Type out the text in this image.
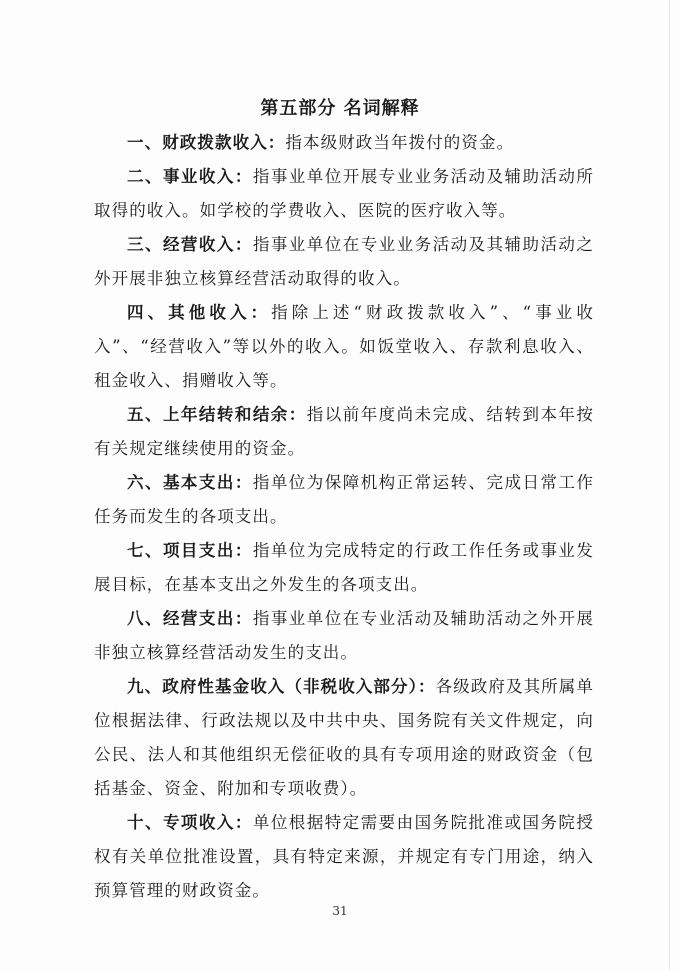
第五部分 名词解释

一、财政拨款收入：指本级财政当年拨付的资金。

二、事业收入：指事业单位开展专业业务活动及辅助活动所取得的收入。如学校的学费收入、医院的医疗收入等。

三、经营收入：指事业单位在专业业务活动及其辅助活动之外开展非独立核算经营活动取得的收入。

四、其他收入：指除上述“财政拨款收入”、“事业收入”、“经营收入”等以外的收入。如饭堂收入、存款利息收入、租金收入、捐赠收入等。

五、上年结转和结余：指以前年度尚未完成、结转到本年按有关规定继续使用的资金。

六、基本支出：指单位为保障机构正常运转、完成日常工作任务而发生的各项支出。

七、项目支出：指单位为完成特定的行政工作任务或事业发展目标，在基本支出之外发生的各项支出。

八、经营支出：指事业单位在专业活动及辅助活动之外开展非独立核算经营活动发生的支出。

九、政府性基金收入（非税收入部分）：各级政府及其所属单位根据法律、行政法规以及中共中央、国务院有关文件规定，向公民、法人和其他组织无偿征收的具有专项用途的财政资金（包括基金、资金、附加和专项收费）。

十、专项收入：单位根据特定需要由国务院批准或国务院授权有关单位批准设置，具有特定来源，并规定有专门用途，纳入预算管理的财政资金。

31
